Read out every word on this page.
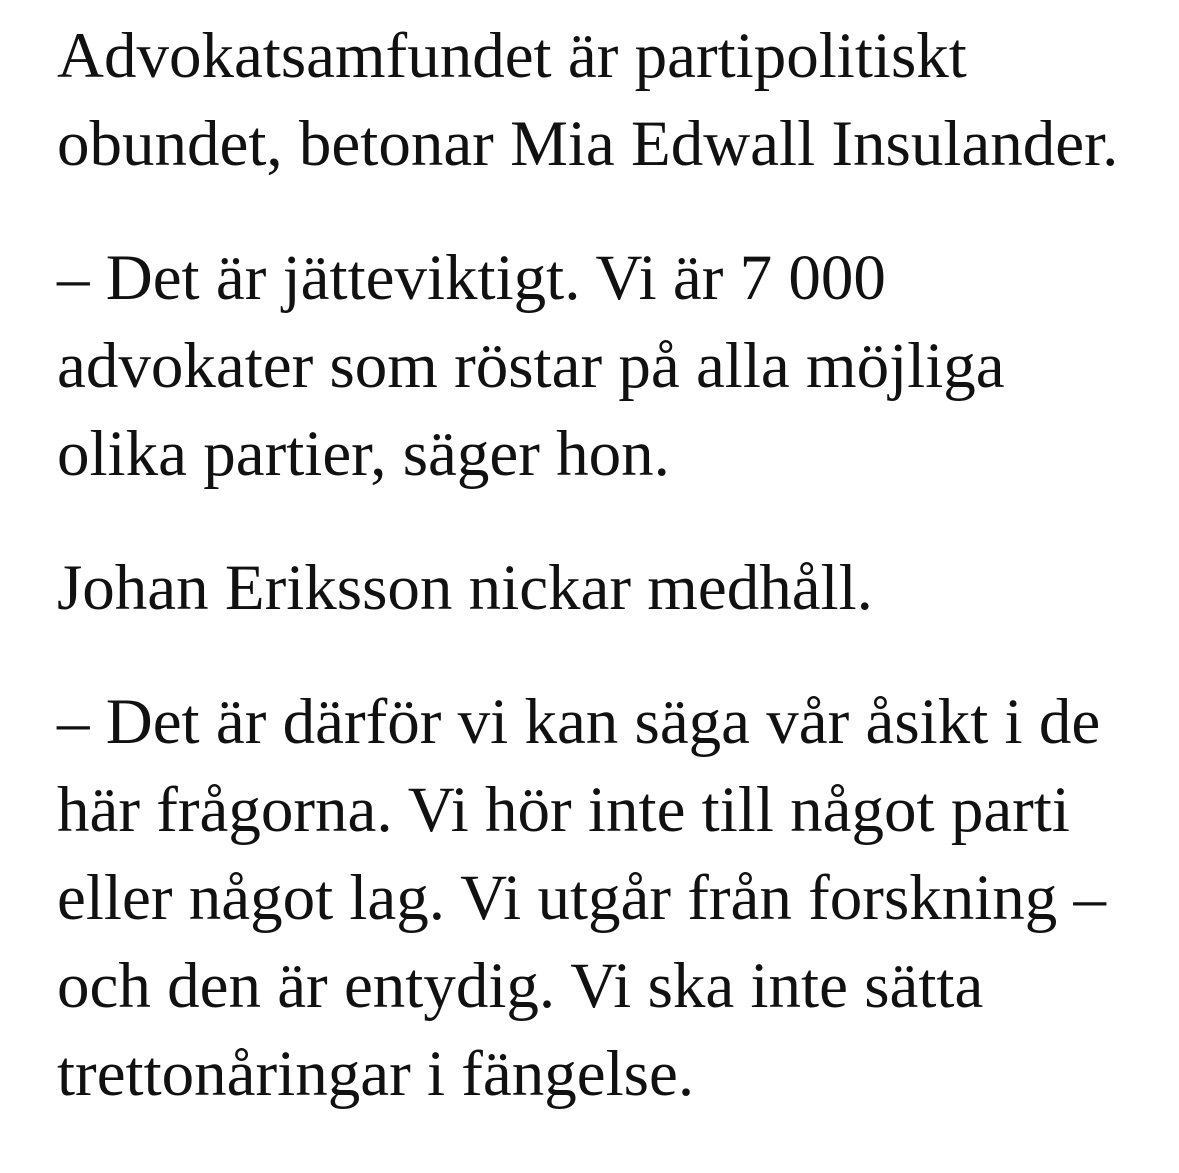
Advokatsamfundet är partipolitiskt
obundet, betonar Mia Edwall Insulander.

– Det är jätteviktigt. Vi är 7 000
advokater som röstar på alla möjliga
olika partier, säger hon.

Johan Eriksson nickar medhåll.

– Det är därför vi kan säga vår åsikt i de
här frågorna. Vi hör inte till något parti
eller något lag. Vi utgår från forskning –
och den är entydig. Vi ska inte sätta
trettonåringar i fängelse.
